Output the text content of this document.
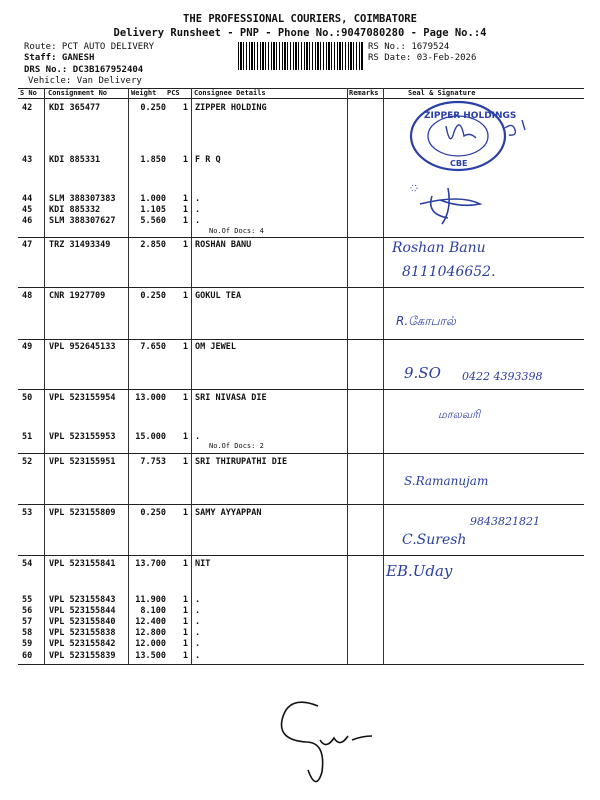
THE PROFESSIONAL COURIERS, COIMBATORE
Delivery Runsheet - PNP - Phone No.:9047080280 - Page No.:4
Route: PCT AUTO DELIVERY
Staff: GANESH
DRS No.: DC3B167952404
Vehicle: Van Delivery
RS No.: 1679524
RS Date: 03-Feb-2026
S No Consignment No	Weight PCS Consignee Details	Remarks	Seal & Signature
42 KDI 365477	0.250	1 ZIPPER HOLDING
43 KDI 885331	1.850	1 F R Q
44 SLM 388307383	1.000	1 .
45 KDI 885332	1.105	1 .
46 SLM 388307627	5.560	1 .
47 TRZ 31493349	2.850	1 ROSHAN BANU
48 CNR 1927709	0.250	1 GOKUL TEA
49 VPL 952645133	7.650	1 OM JEWEL
50 VPL 523155954	13.000	1 SRI NIVASA DIE
51 VPL 523155953	15.000	1 .
52 VPL 523155951	7.753	1 SRI THIRUPATHI DIE
53 VPL 523155809	0.250	1 SAMY AYYAPPAN
54 VPL 523155841	13.700	1 NIT
55 VPL 523155843	11.900	1 .
56 VPL 523155844	8.100	1 .
57 VPL 523155840	12.400	1 .
58 VPL 523155838	12.800	1 .
59 VPL 523155842	12.000	1 .
60 VPL 523155839	13.500	1 .
No.Of Docs: 4
No.Of Docs: 2
ZIPPER HOLDINGS
CBE
Roshan Banu
8111046652.
R.கோபால்
9.SO 0422 4393398
மாலவரி
S.Ramanujam
9843821821
C.Suresh
EB.Uday
